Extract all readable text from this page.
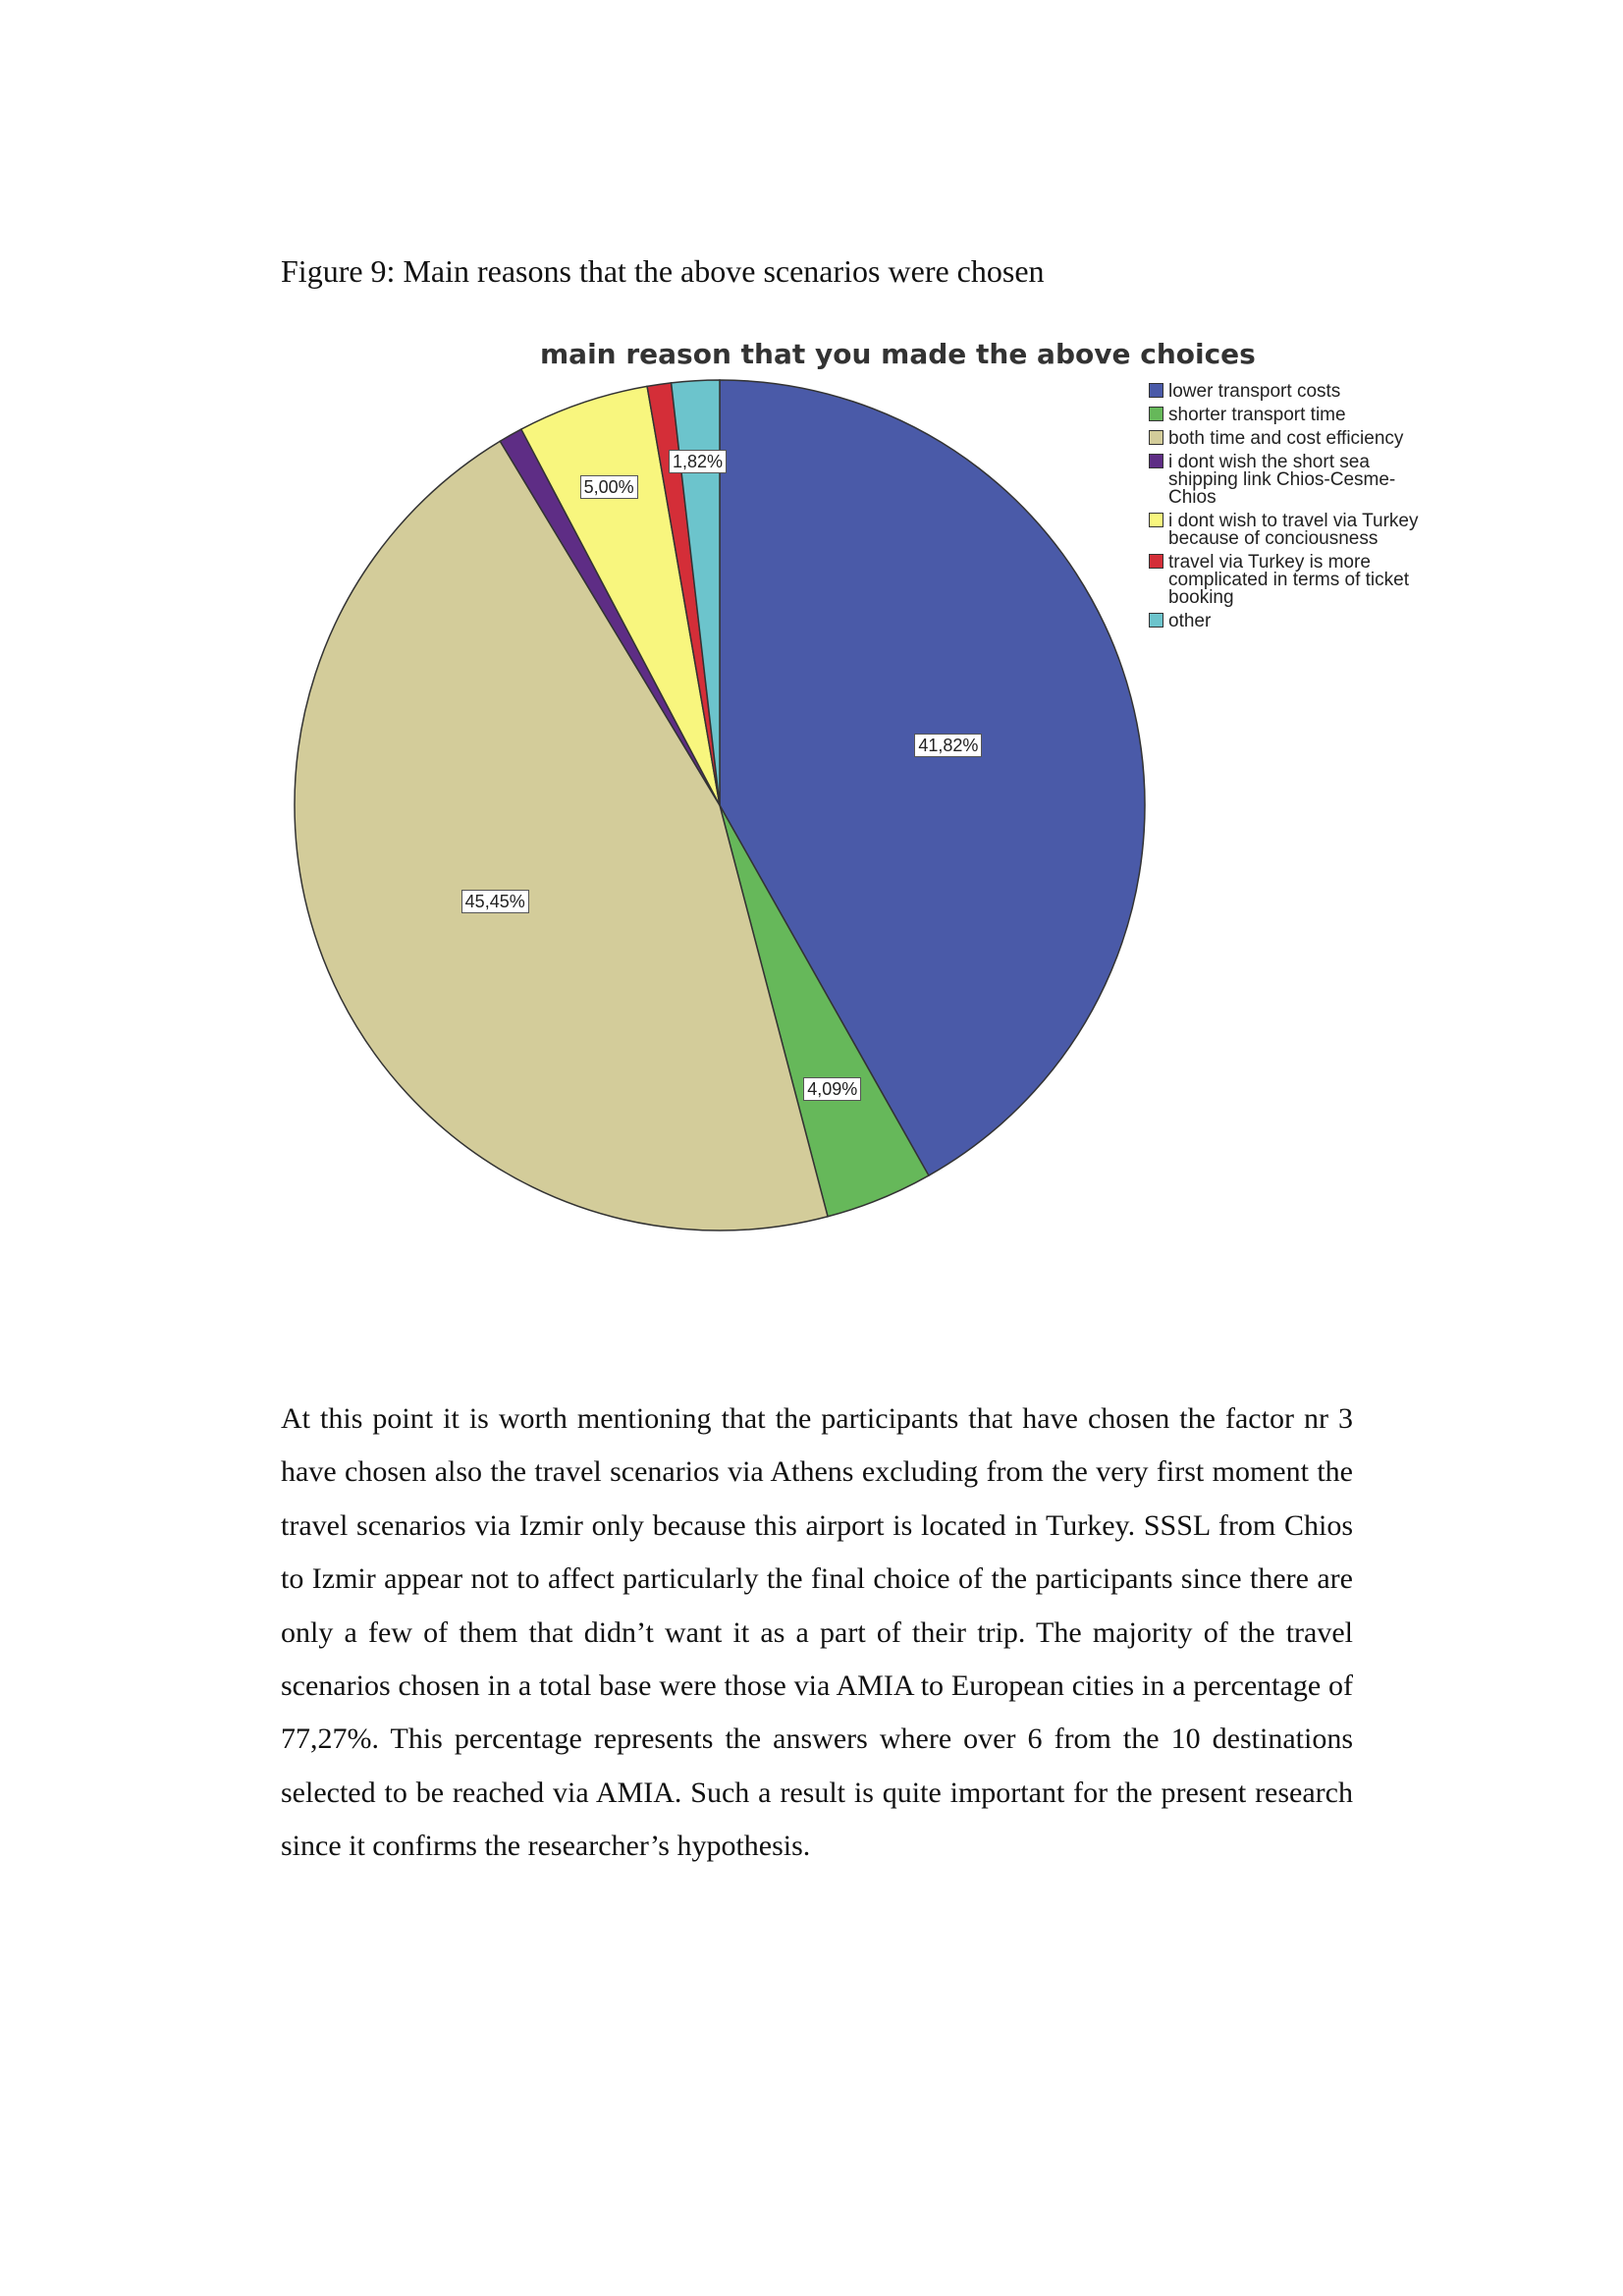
Figure 9: Main reasons that the above scenarios were chosen
main reason that you made the above choices
lower transport costs
shorter transport time
both time and cost efficiency
i dont wish the short sea shipping link Chios-Cesme-Chios
i dont wish to travel via Turkey because of conciousness
travel via Turkey is more complicated in terms of ticket booking
other
41,82%
4,09%
45,45%
5,00%
1,82%

At this point it is worth mentioning that the participants that have chosen the factor nr 3 have chosen also the travel scenarios via Athens excluding from the very first moment the travel scenarios via Izmir only because this airport is located in Turkey. SSSL from Chios to Izmir appear not to affect particularly the final choice of the participants since there are only a few of them that didn’t want it as a part of their trip. The majority of the travel scenarios chosen in a total base were those via AMIA to European cities in a percentage of 77,27%. This percentage represents the answers where over 6 from the 10 destinations selected to be reached via AMIA. Such a result is quite important for the present research since it confirms the researcher’s hypothesis.
